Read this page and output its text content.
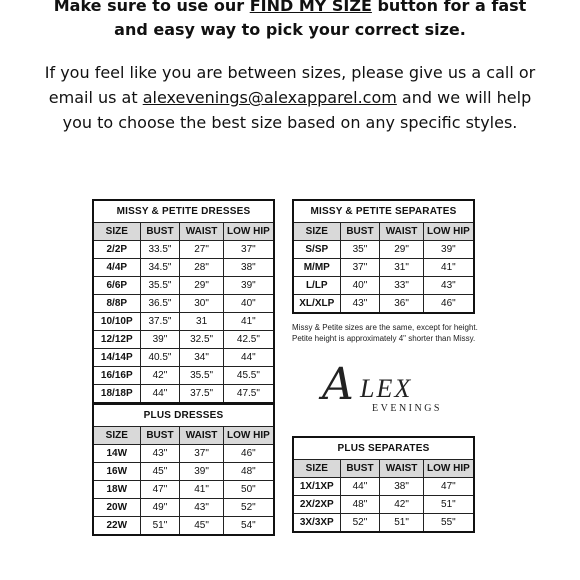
Make sure to use our FIND MY SIZE button for a fast
and easy way to pick your correct size.
If you feel like you are between sizes, please give us a call or email us at alexevenings@alexapparel.com and we will help you to choose the best size based on any specific styles.
MISSY & PETITE DRESSES			
SIZE	BUST	WAIST	LOW HIP
2/2P	33.5"	27"	37"
4/4P	34.5"	28"	38"
6/6P	35.5"	29"	39"
8/8P	36.5"	30"	40"
10/10P	37.5"	31	41"
12/12P	39"	32.5"	42.5"
14/14P	40.5"	34"	44"
16/16P	42"	35.5"	45.5"
18/18P	44"	37.5"	47.5"
MISSY & PETITE SEPARATES			
SIZE	BUST	WAIST	LOW HIP
S/SP	35"	29"	39"
M/MP	37"	31"	41"
L/LP	40"	33"	43"
XL/XLP	43"	36"	46"
PLUS DRESSES			
SIZE	BUST	WAIST	LOW HIP
14W	43"	37"	46"
16W	45"	39"	48"
18W	47"	41"	50"
20W	49"	43"	52"
22W	51"	45"	54"
PLUS SEPARATES			
SIZE	BUST	WAIST	LOW HIP
1X/1XP	44"	38"	47"
2X/2XP	48"	42"	51"
3X/3XP	52"	51"	55"
Missy & Petite sizes are the same, except for height.
Petite height is approximately 4" shorter than Missy.
A LEX
EVENINGS
